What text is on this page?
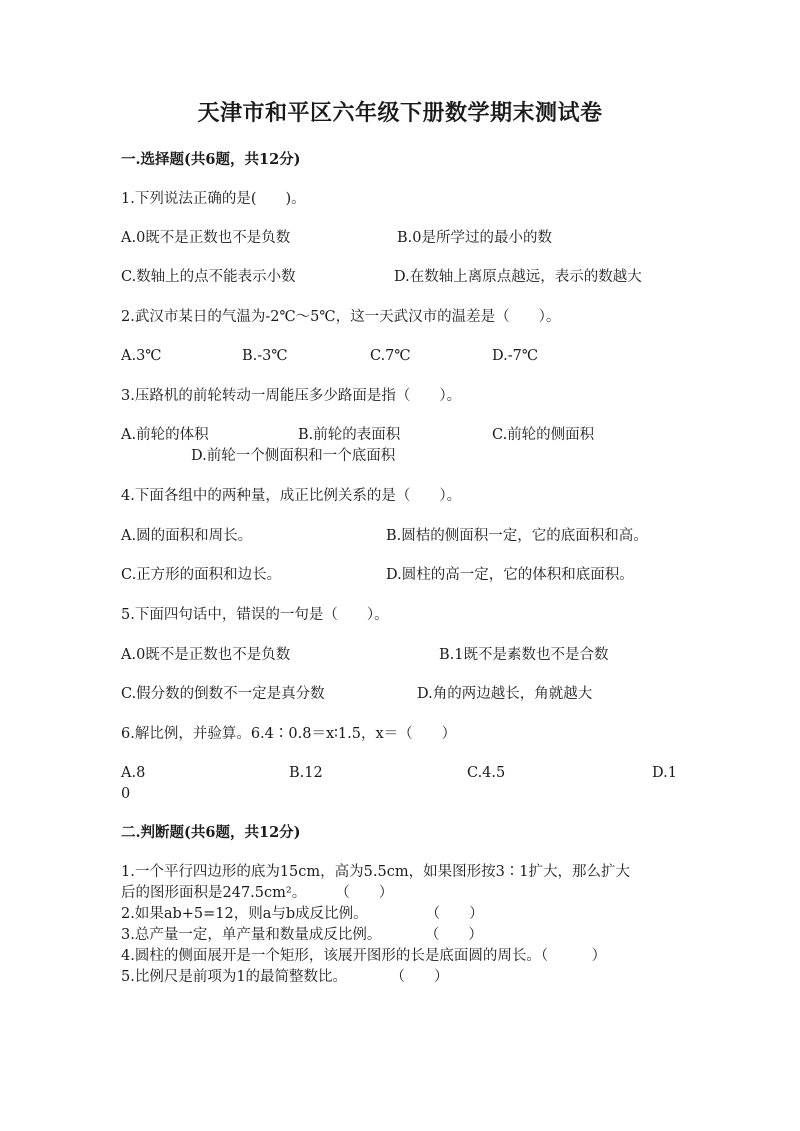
天津市和平区六年级下册数学期末测试卷
一.选择题(共6题，共12分)
1.下列说法正确的是(　　)。
A.0既不是正数也不是负数	B.0是所学过的最小的数
C.数轴上的点不能表示小数	D.在数轴上离原点越远，表示的数越大
2.武汉市某日的气温为-2℃～5℃，这一天武汉市的温差是（　　）。
A.3℃	B.-3℃	C.7℃	D.-7℃
3.压路机的前轮转动一周能压多少路面是指（　　）。
A.前轮的体积	B.前轮的表面积	C.前轮的侧面积
D.前轮一个侧面积和一个底面积
4.下面各组中的两种量，成正比例关系的是（　　）。
A.圆的面积和周长。	B.圆桔的侧面积一定，它的底面积和高。
C.正方形的面积和边长。	D.圆柱的高一定，它的体积和底面积。
5.下面四句话中，错误的一句是（　　）。
A.0既不是正数也不是负数	B.1既不是素数也不是合数
C.假分数的倒数不一定是真分数	D.角的两边越长，角就越大
6.解比例，并验算。6.4∶0.8＝x∶1.5，x＝（　　）
A.8	B.12	C.4.5	D.1
0
二.判断题(共6题，共12分)
1.一个平行四边形的底为15cm，高为5.5cm，如果图形按3∶1扩大，那么扩大
后的图形面积是247.5cm²。　　　（　　）
2.如果ab+5=12，则a与b成反比例。　　　　　（　　）
3.总产量一定，单产量和数量成反比例。　　　　（　　）
4.圆柱的侧面展开是一个矩形，该展开图形的长是底面圆的周长。（　　　）
5.比例尺是前项为1的最简整数比。　　　　（　　）
